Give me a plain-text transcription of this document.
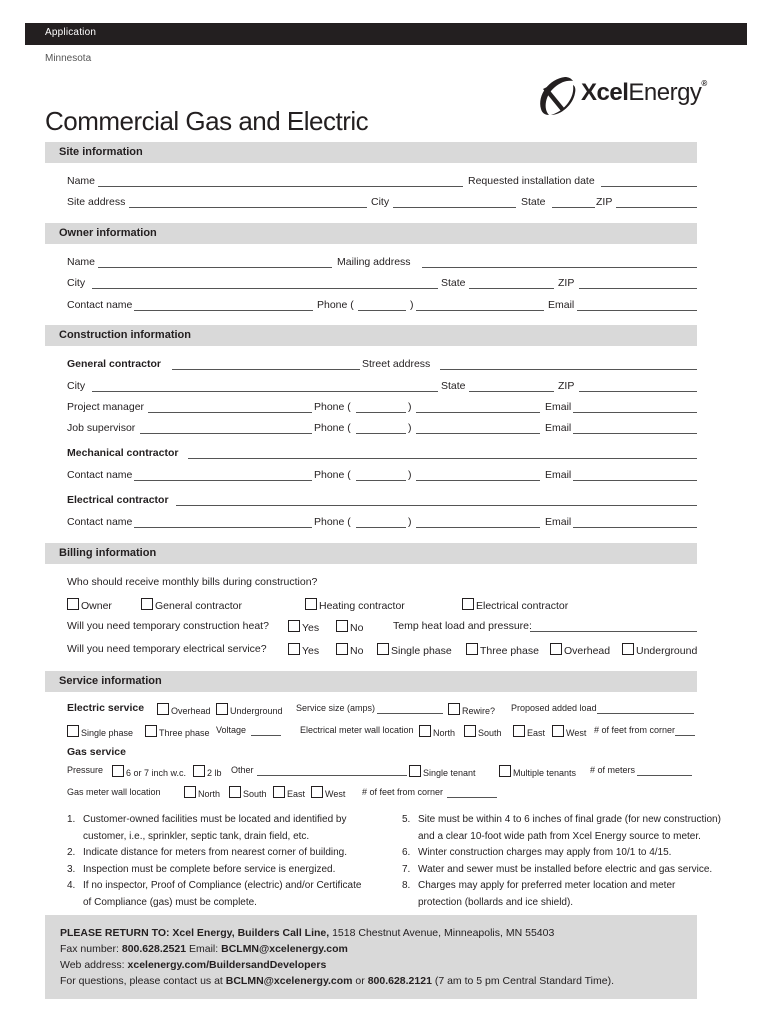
Application
Minnesota
XcelEnergy®
Commercial Gas and Electric
Site information
Name	Requested installation date
Site address	City	State	ZIP
Owner information
Name	Mailing address
City	State	ZIP
Contact name	Phone (	)	Email
Construction information
General contractor	Street address
City	State	ZIP
Project manager	Phone (	)	Email
Job supervisor	Phone (	)	Email
Mechanical contractor
Contact name	Phone (	)	Email
Electrical contractor
Contact name	Phone (	)	Email
Billing information
Who should receive monthly bills during construction?
Owner	General contractor	Heating contractor	Electrical contractor
Will you need temporary construction heat?	Yes	No	Temp heat load and pressure:
Will you need temporary electrical service?	Yes	No	Single phase	Three phase	Overhead	Underground
Service information
Electric service	Overhead	Underground Service size (amps)	Rewire? Proposed added load
Single phase	Three phase Voltage	Electrical meter wall location	North	South	East	West # of feet from corner
Gas service
Pressure	6 or 7 inch w.c.	2 lb Other	Single tenant	Multiple tenants # of meters
Gas meter wall location	North	South	East	West # of feet from corner
1. Customer-owned facilities must be located and identified by
customer, i.e., sprinkler, septic tank, drain field, etc.
2. Indicate distance for meters from nearest corner of building.
3. Inspection must be complete before service is energized.
4. If no inspector, Proof of Compliance (electric) and/or Certificate
of Compliance (gas) must be complete.
5. Site must be within 4 to 6 inches of final grade (for new construction)
and a clear 10-foot wide path from Xcel Energy source to meter.
6. Winter construction charges may apply from 10/1 to 4/15.
7. Water and sewer must be installed before electric and gas service.
8. Charges may apply for preferred meter location and meter
protection (bollards and ice shield).
PLEASE RETURN TO: Xcel Energy, Builders Call Line, 1518 Chestnut Avenue, Minneapolis, MN 55403
Fax number: 800.628.2521 Email: BCLMN@xcelenergy.com
Web address: xcelenergy.com/BuildersandDevelopers
For questions, please contact us at BCLMN@xcelenergy.com or 800.628.2121 (7 am to 5 pm Central Standard Time).
